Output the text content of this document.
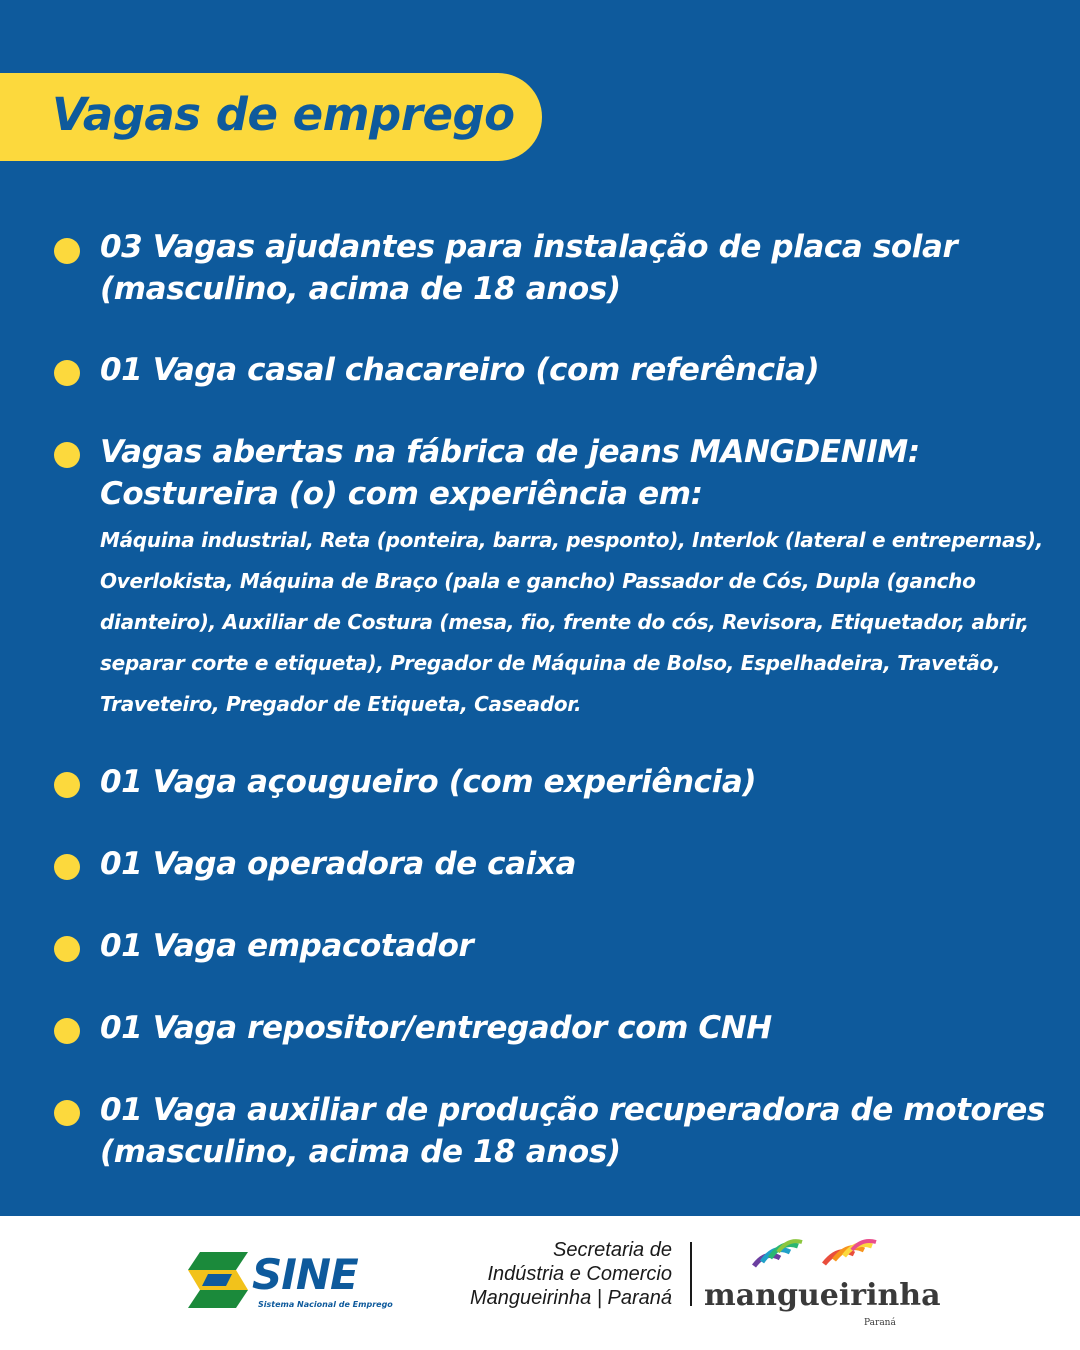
Vagas de emprego
03 Vagas ajudantes para instalação de placa solar
(masculino, acima de 18 anos)
01 Vaga casal chacareiro (com referência)
Vagas abertas na fábrica de jeans MANGDENIM:
Costureira (o) com experiência em:
Máquina industrial, Reta (ponteira, barra, pesponto), Interlok (lateral e entrepernas),
Overlokista, Máquina de Braço (pala e gancho) Passador de Cós, Dupla (gancho
dianteiro), Auxiliar de Costura (mesa, fio, frente do cós, Revisora, Etiquetador, abrir,
separar corte e etiqueta), Pregador de Máquina de Bolso, Espelhadeira, Travetão,
Traveteiro, Pregador de Etiqueta, Caseador.
01 Vaga açougueiro (com experiência)
01 Vaga operadora de caixa
01 Vaga empacotador
01 Vaga repositor/entregador com CNH
01 Vaga auxiliar de produção recuperadora de motores
(masculino, acima de 18 anos)
SINE
Sistema Nacional de Emprego
Secretaria de
Indústria e Comercio
Mangueirinha | Paraná mangueirinha
Paraná
